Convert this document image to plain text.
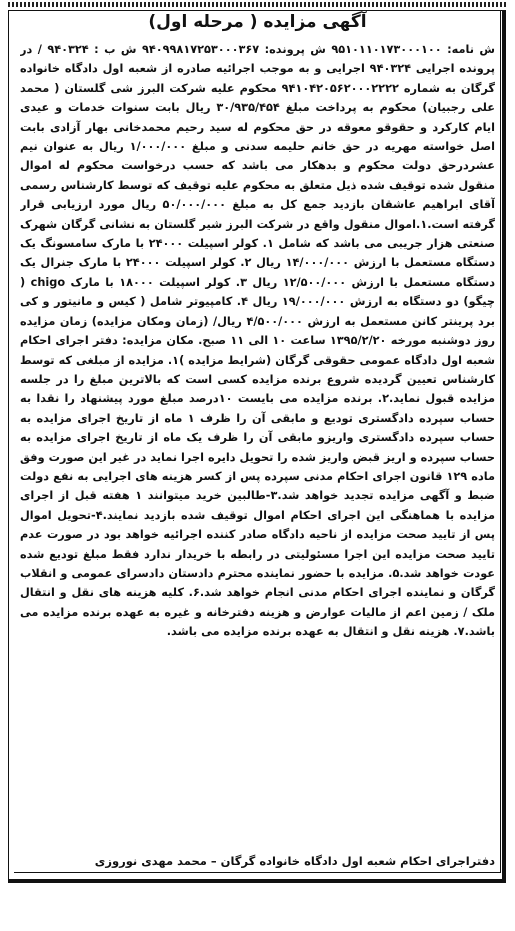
آگهی مزایده ( مرحله اول)
ش نامه: ۹۵۱۰۱۱۰۱۷۳۰۰۰۱۰۰ ش پرونده: ۹۴۰۹۹۸۱۷۲۵۳۰۰۰۳۶۷ ش ب : ۹۴۰۳۲۴ / در پرونده اجرایی ۹۴۰۳۲۴ اجرایی و به موجب اجرائیه صادره از شعبه اول دادگاه خانواده گرگان به شماره ۹۴۱۰۴۲۰۵۶۲۰۰۰۲۲۲۲ محکوم علیه شرکت البرز شی گلستان ( محمد علی رجبیان) محکوم به پرداخت مبلغ ۳۰/۹۳۵/۴۵۴ ریال بابت سنوات خدمات و عیدی ایام کارکرد و حقوقو معوقه در حق محکوم له سید رحیم محمدخانی بهار آزادی بابت اصل خواسته مهریه در حق خانم حلیمه سدنی و مبلغ ۱/۰۰۰/۰۰۰ ریال به عنوان نیم عشردرحق دولت محکوم و بدهکار می باشد که حسب درخواست محکوم له اموال منقول شده توقیف شده ذیل متعلق به محکوم علیه توقیف که توسط کارشناس رسمی آقای ابراهیم عاشقان بازدید جمع کل به مبلغ ۵۰/۰۰۰/۰۰۰ ریال مورد ارزیابی قرار گرفته است.۱.اموال منقول واقع در شرکت البرز شیر گلستان به نشانی گرگان شهرک صنعتی هزار جریبی می باشد که شامل ۱. کولر اسپیلت ۲۴۰۰۰ با مارک سامسونگ یک دستگاه مستعمل با ارزش ۱۴/۰۰۰/۰۰۰ ریال ۲. کولر اسپیلت ۲۴۰۰۰ با مارک جنرال یک دستگاه مستعمل با ارزش ۱۲/۵۰۰/۰۰۰ ریال ۳. کولر اسپیلت ۱۸۰۰۰ با مارک chigo ( چیگو) دو دستگاه به ارزش ۱۹/۰۰۰/۰۰۰ ریال ۴. کامپیوتر شامل ( کیس و مانیتور و کی برد پرینتر کانن مستعمل به ارزش ۴/۵۰۰/۰۰۰ ریال/ (زمان ومکان مزایده) زمان مزایده روز دوشنبه مورخه ۱۳۹۵/۲/۲۰ ساعت ۱۰ الی ۱۱ صبح. مکان مزایده: دفتر اجرای احکام شعبه اول دادگاه عمومی حقوقی گرگان (شرایط مزایده )۱. مزایده از مبلغی که توسط کارشناس تعیین گردیده شروع برنده مزایده کسی است که بالاترین مبلغ را در جلسه مزایده قبول نماید.۲. برنده مزایده می بایست ۱۰درصد مبلغ مورد پیشنهاد را نقدا به حساب سپرده دادگستری تودیع و مابقی آن را ظرف ۱ ماه از تاریخ اجرای مزایده به حساب سپرده دادگستری واریزو مابقی آن را ظرف یک ماه از تاریخ اجرای مزایده به حساب سپرده و اریز قبض واریز شده را تحویل دایره اجرا نماید در غیر این صورت وفق ماده ۱۲۹ قانون اجرای احکام مدنی سپرده پس از کسر هزینه های اجرایی به نفع دولت ضبط و آگهی مزایده تجدید خواهد شد.۳-طالبین خرید میتوانند ۱ هفته قبل از اجرای مزایده با هماهنگی این اجرای احکام اموال توقیف شده بازدید نمایند.۴-تحویل اموال پس از تایید صحت مزایده از ناحیه دادگاه صادر کننده اجرائیه خواهد بود در صورت عدم تایید صحت مزایده این اجرا مسئولیتی در رابطه با خریدار ندارد فقط مبلغ تودیع شده عودت خواهد شد.۵. مزایده با حضور نماینده محترم دادستان دادسرای عمومی و انقلاب گرگان و نماینده اجرای احکام مدنی انجام خواهد شد.۶. کلیه هزینه های نقل و انتقال ملک / زمین اعم از مالیات عوارض و هزینه دفترخانه و غیره به عهده برنده مزایده می باشد.۷. هزینه نقل و انتقال به عهده برنده مزایده می باشد.
دفتراجرای احکام شعبه اول دادگاه خانواده گرگان – محمد مهدی نوروزی
